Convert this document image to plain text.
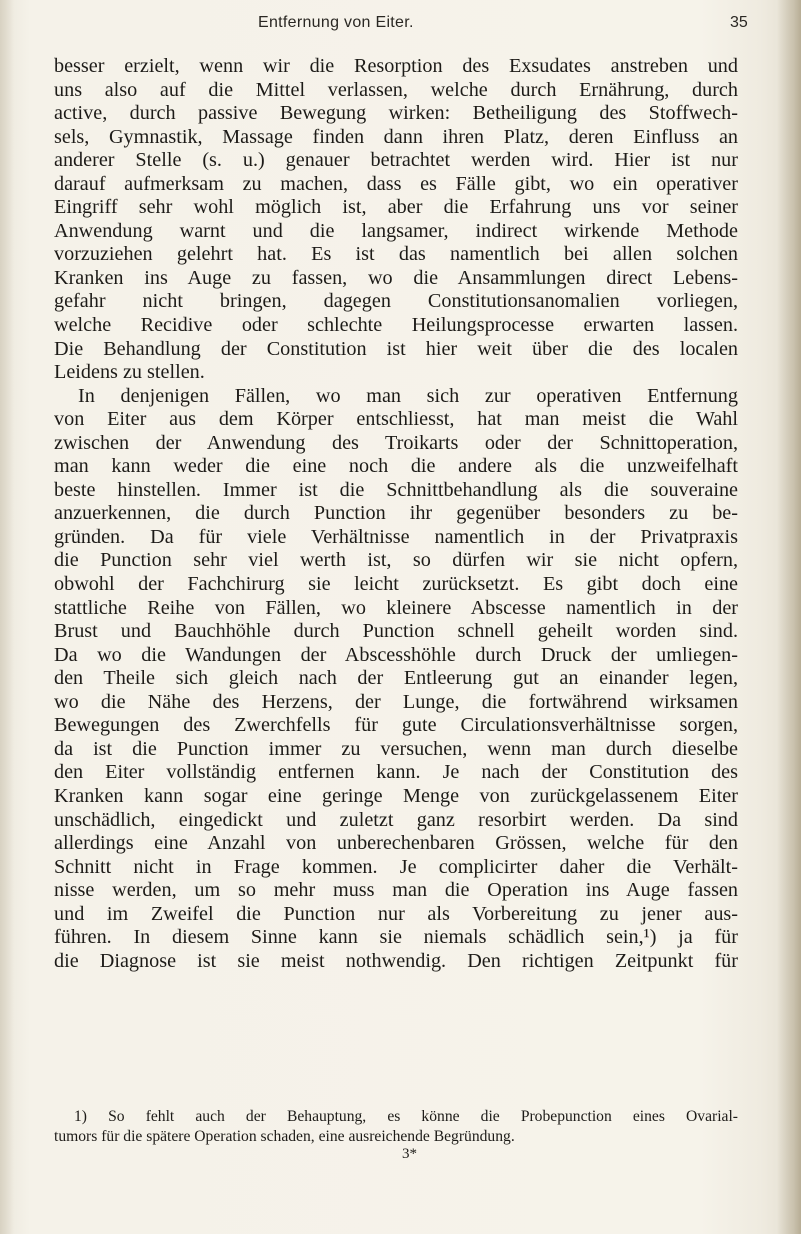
Entfernung von Eiter.	35
besser erzielt, wenn wir die Resorption des Exsudates anstreben und
uns also auf die Mittel verlassen, welche durch Ernährung, durch
active, durch passive Bewegung wirken: Betheiligung des Stoffwech-
sels, Gymnastik, Massage finden dann ihren Platz, deren Einfluss an
anderer Stelle (s. u.) genauer betrachtet werden wird. Hier ist nur
darauf aufmerksam zu machen, dass es Fälle gibt, wo ein operativer
Eingriff sehr wohl möglich ist, aber die Erfahrung uns vor seiner
Anwendung warnt und die langsamer, indirect wirkende Methode
vorzuziehen gelehrt hat. Es ist das namentlich bei allen solchen
Kranken ins Auge zu fassen, wo die Ansammlungen direct Lebens-
gefahr nicht bringen, dagegen Constitutionsanomalien vorliegen,
welche Recidive oder schlechte Heilungsprocesse erwarten lassen.
Die Behandlung der Constitution ist hier weit über die des localen
Leidens zu stellen.
In denjenigen Fällen, wo man sich zur operativen Entfernung
von Eiter aus dem Körper entschliesst, hat man meist die Wahl
zwischen der Anwendung des Troikarts oder der Schnittoperation,
man kann weder die eine noch die andere als die unzweifelhaft
beste hinstellen. Immer ist die Schnittbehandlung als die souveraine
anzuerkennen, die durch Punction ihr gegenüber besonders zu be-
gründen. Da für viele Verhältnisse namentlich in der Privatpraxis
die Punction sehr viel werth ist, so dürfen wir sie nicht opfern,
obwohl der Fachchirurg sie leicht zurücksetzt. Es gibt doch eine
stattliche Reihe von Fällen, wo kleinere Abscesse namentlich in der
Brust und Bauchhöhle durch Punction schnell geheilt worden sind.
Da wo die Wandungen der Abscesshöhle durch Druck der umliegen-
den Theile sich gleich nach der Entleerung gut an einander legen,
wo die Nähe des Herzens, der Lunge, die fortwährend wirksamen
Bewegungen des Zwerchfells für gute Circulationsverhältnisse sorgen,
da ist die Punction immer zu versuchen, wenn man durch dieselbe
den Eiter vollständig entfernen kann. Je nach der Constitution des
Kranken kann sogar eine geringe Menge von zurückgelassenem Eiter
unschädlich, eingedickt und zuletzt ganz resorbirt werden. Da sind
allerdings eine Anzahl von unberechenbaren Grössen, welche für den
Schnitt nicht in Frage kommen. Je complicirter daher die Verhält-
nisse werden, um so mehr muss man die Operation ins Auge fassen
und im Zweifel die Punction nur als Vorbereitung zu jener aus-
führen. In diesem Sinne kann sie niemals schädlich sein,¹) ja für
die Diagnose ist sie meist nothwendig. Den richtigen Zeitpunkt für
1) So fehlt auch der Behauptung, es könne die Probepunction eines Ovarial-
tumors für die spätere Operation schaden, eine ausreichende Begründung.
3*
